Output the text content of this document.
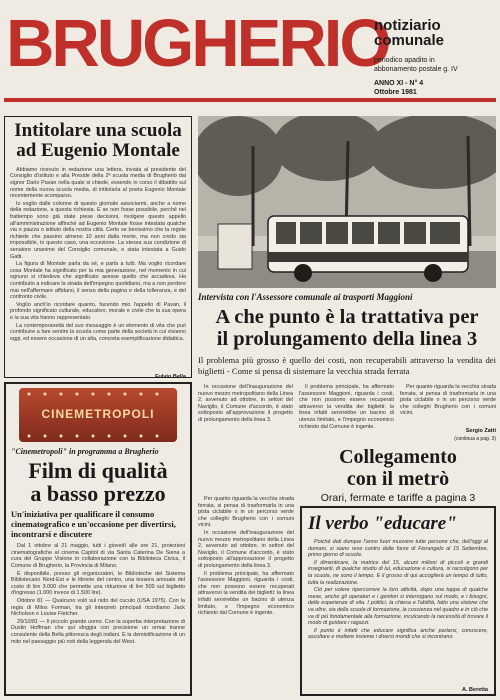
BRUGHERIO
notiziario
comunale
periodico apadito in
abbonamento postale g. IV
ANNO XI - N° 4
Ottobre 1981
Intitolare una scuola
ad Eugenio Montale

Abbiamo ricevuto in redazione una lettera, inviata al presidente del Consiglio d'istituto e alla Preside della 2ª scuola media di Brugherio dal signor Dario Pavan nella quale si chiede, essendo in corso il dibattito sul nome della nuova scuola media, di intitolarla al poeta Eugenio Montale recentemente scomparso.

Io voglio dalle colonne di questo giornale associarmi, anche a nome della redazione, a questa richiesta. E se non fosse possibile, perché nel frattempo sono già state prese decisioni, rivolgere questo appello all'amministrazione affinché ad Eugenio Montale fosse intestata qualche via o piazza o istituto della nostra città. Certo se benissimo che la regole richiede che passino almeno 10 anni dalla morte, ma non credo sia impossibile, in questo caso, una eccezione. La stessa sua condizione di senatore unanime del Consiglio comunale, e stata intestata a Guido Gatti.

La figura di Montale parla da sé, e parla a tutti. Ma voglio ricordare cosa Montale ha significato per la mia generazione, nel momento in cui ognuno si chiedeva che significato avesse quello che accadeva. Ha contribuito a indicare la strada dell'impegno quotidiano, ma a non perdere mai nell'affermare affidarsi, il senso della pagina e della tolleranza, e del confronto civile.

Voglio anch'io ricordare quanto, facendo mio l'appello di Pavan, il profondo significato culturale, educativo, morale e civile che la sua opera e la sua vita hanno rappresentato.

La contemporaneità del suo messaggio è un elemento di vita che può contribuire a fare sentire la scuola come parte della società in cui viviamo oggi, ed essere occasione di un alta, concreta esemplificazione didattica.

Fulvio Bella
CINEMETROPOLI
"Cinemetropoli" in programma a Brugherio
Film di qualità
a basso prezzo
Un'iniziativa per qualificare il consumo cinematografico e un'occasione per divertirsi, incontrarsi e discutere

Dal 1 ottobre al 21 maggio, tutti i giovedì alle ore 21, proiezioni cinematografiche al cinema Capitol di via Santa Caterina De Siena a cura del Gruppo Visione in collaborazione con la Biblioteca Civica, il Comune di Brugherio, la Provincia di Milano.

E disponibile, presso gli organizzatori, le Biblioteche del Sistema Bibliotecario Nord-Est e le librerie del centro, una tessera annuale del costo di lire 3.000 che permette una riduzione di lire 500 sul biglietto d'ingresso (1.000 invece di 1.500 lire).

Ottobre 81 — Qualcuno volò sul nido del cuculo (USA 1975). Con la regia di Milos Forman, tra gli interpreti principali ricordiamo Jack Nicholson e Louise Fletcher.

29/10/81 — Il piccolo grande uomo. Con la superba interpretazione di Dustin Hoffman che qui sfoggia con precisione un ormai tranne consulente della Bella pittoresca degli indiani. E la demistificazione di un mito nel paesaggio più noti della leggenda del West.

Intervista con l'Assessore comunale ai trasporti Maggioni
A che punto è la trattativa per
il prolungamento della linea 3
Il problema più grosso è quello dei costi, non recuperabili attraverso la vendita dei biglietti - Come si pensa di sistemare la vecchia strada ferrata

In occasione dell'inaugurazione del nuovo mezzo metropolitano della Linea 2, avvenuto ad ottobre, in settori del Naviglio, il Comune d'accordo, è stato sottoposto all'approvazione il progetto di prolungamento della linea 3.

Il problema principale, ha affermato l'assessore Maggioni, riguarda i costi, che non possono essere recuperati attraverso la vendita dei biglietti: la linea infatti servirebbe un bacino di utenza limitato, e l'impegno economico richiesto dal Comune è ingente.

Per quanto riguarda la vecchia strada ferrata, si pensa di trasformarla in una pista ciclabile o in un percorso verde che colleghi Brugherio con i comuni vicini.

Sergio Zatti
(continua a pag. 3)
Collegamento
con il metrò
Orari, fermate e tariffe a pagina 3
Il verbo "educare"

Poiché dati dunque l'anno fuori muovere tutte persone che, dell'oggi al domani, si siano rese contro dalle forze di Fiorangelo al 15 Settembre, primo giorno di scuola.

Il dimenticare, la matrice del 15, alcuni milioni di piccoli e grandi insegnanti, di qualche studio di lui, educazione e cultura, si raccolgono per la scuola, ne sono il tempo. E il grosso di qui accoglierà un tempo di tutto, tutta la realizzazione.

Ciò per volere ripercorrere la loro attività, dopo una tappa di qualche mese, anche gli operatori e i genitori si interrogano sul modo, e i bisogni, delle esperienze di vita. I politici, la chiesa e l'abilità, fatto una visione che va oltre, sia della scuola di formazione, la coscienza nel quadro e in ciò che va di più fondamentale alla formazione, inculcando la necessità di trovare il modo di guidare i ragazzi.

Il punto è infatti che educare significa anche parlarsi, conoscere, ascoltare e mettere insieme i diversi mondi che si incontrano.

A. Beretta

Per quanto riguarda la vecchia strada ferrata, si pensa di trasformarla in una pista ciclabile o in un percorso verde che colleghi Brugherio con i comuni vicini.

In occasione dell'inaugurazione del nuovo mezzo metropolitano della Linea 2, avvenuto ad ottobre, in settori del Naviglio, il Comune d'accordo, è stato sottoposto all'approvazione il progetto di prolungamento della linea 3.

Il problema principale, ha affermato l'assessore Maggioni, riguarda i costi, che non possono essere recuperati attraverso la vendita dei biglietti: la linea infatti servirebbe un bacino di utenza limitato, e l'impegno economico richiesto dal Comune è ingente.
